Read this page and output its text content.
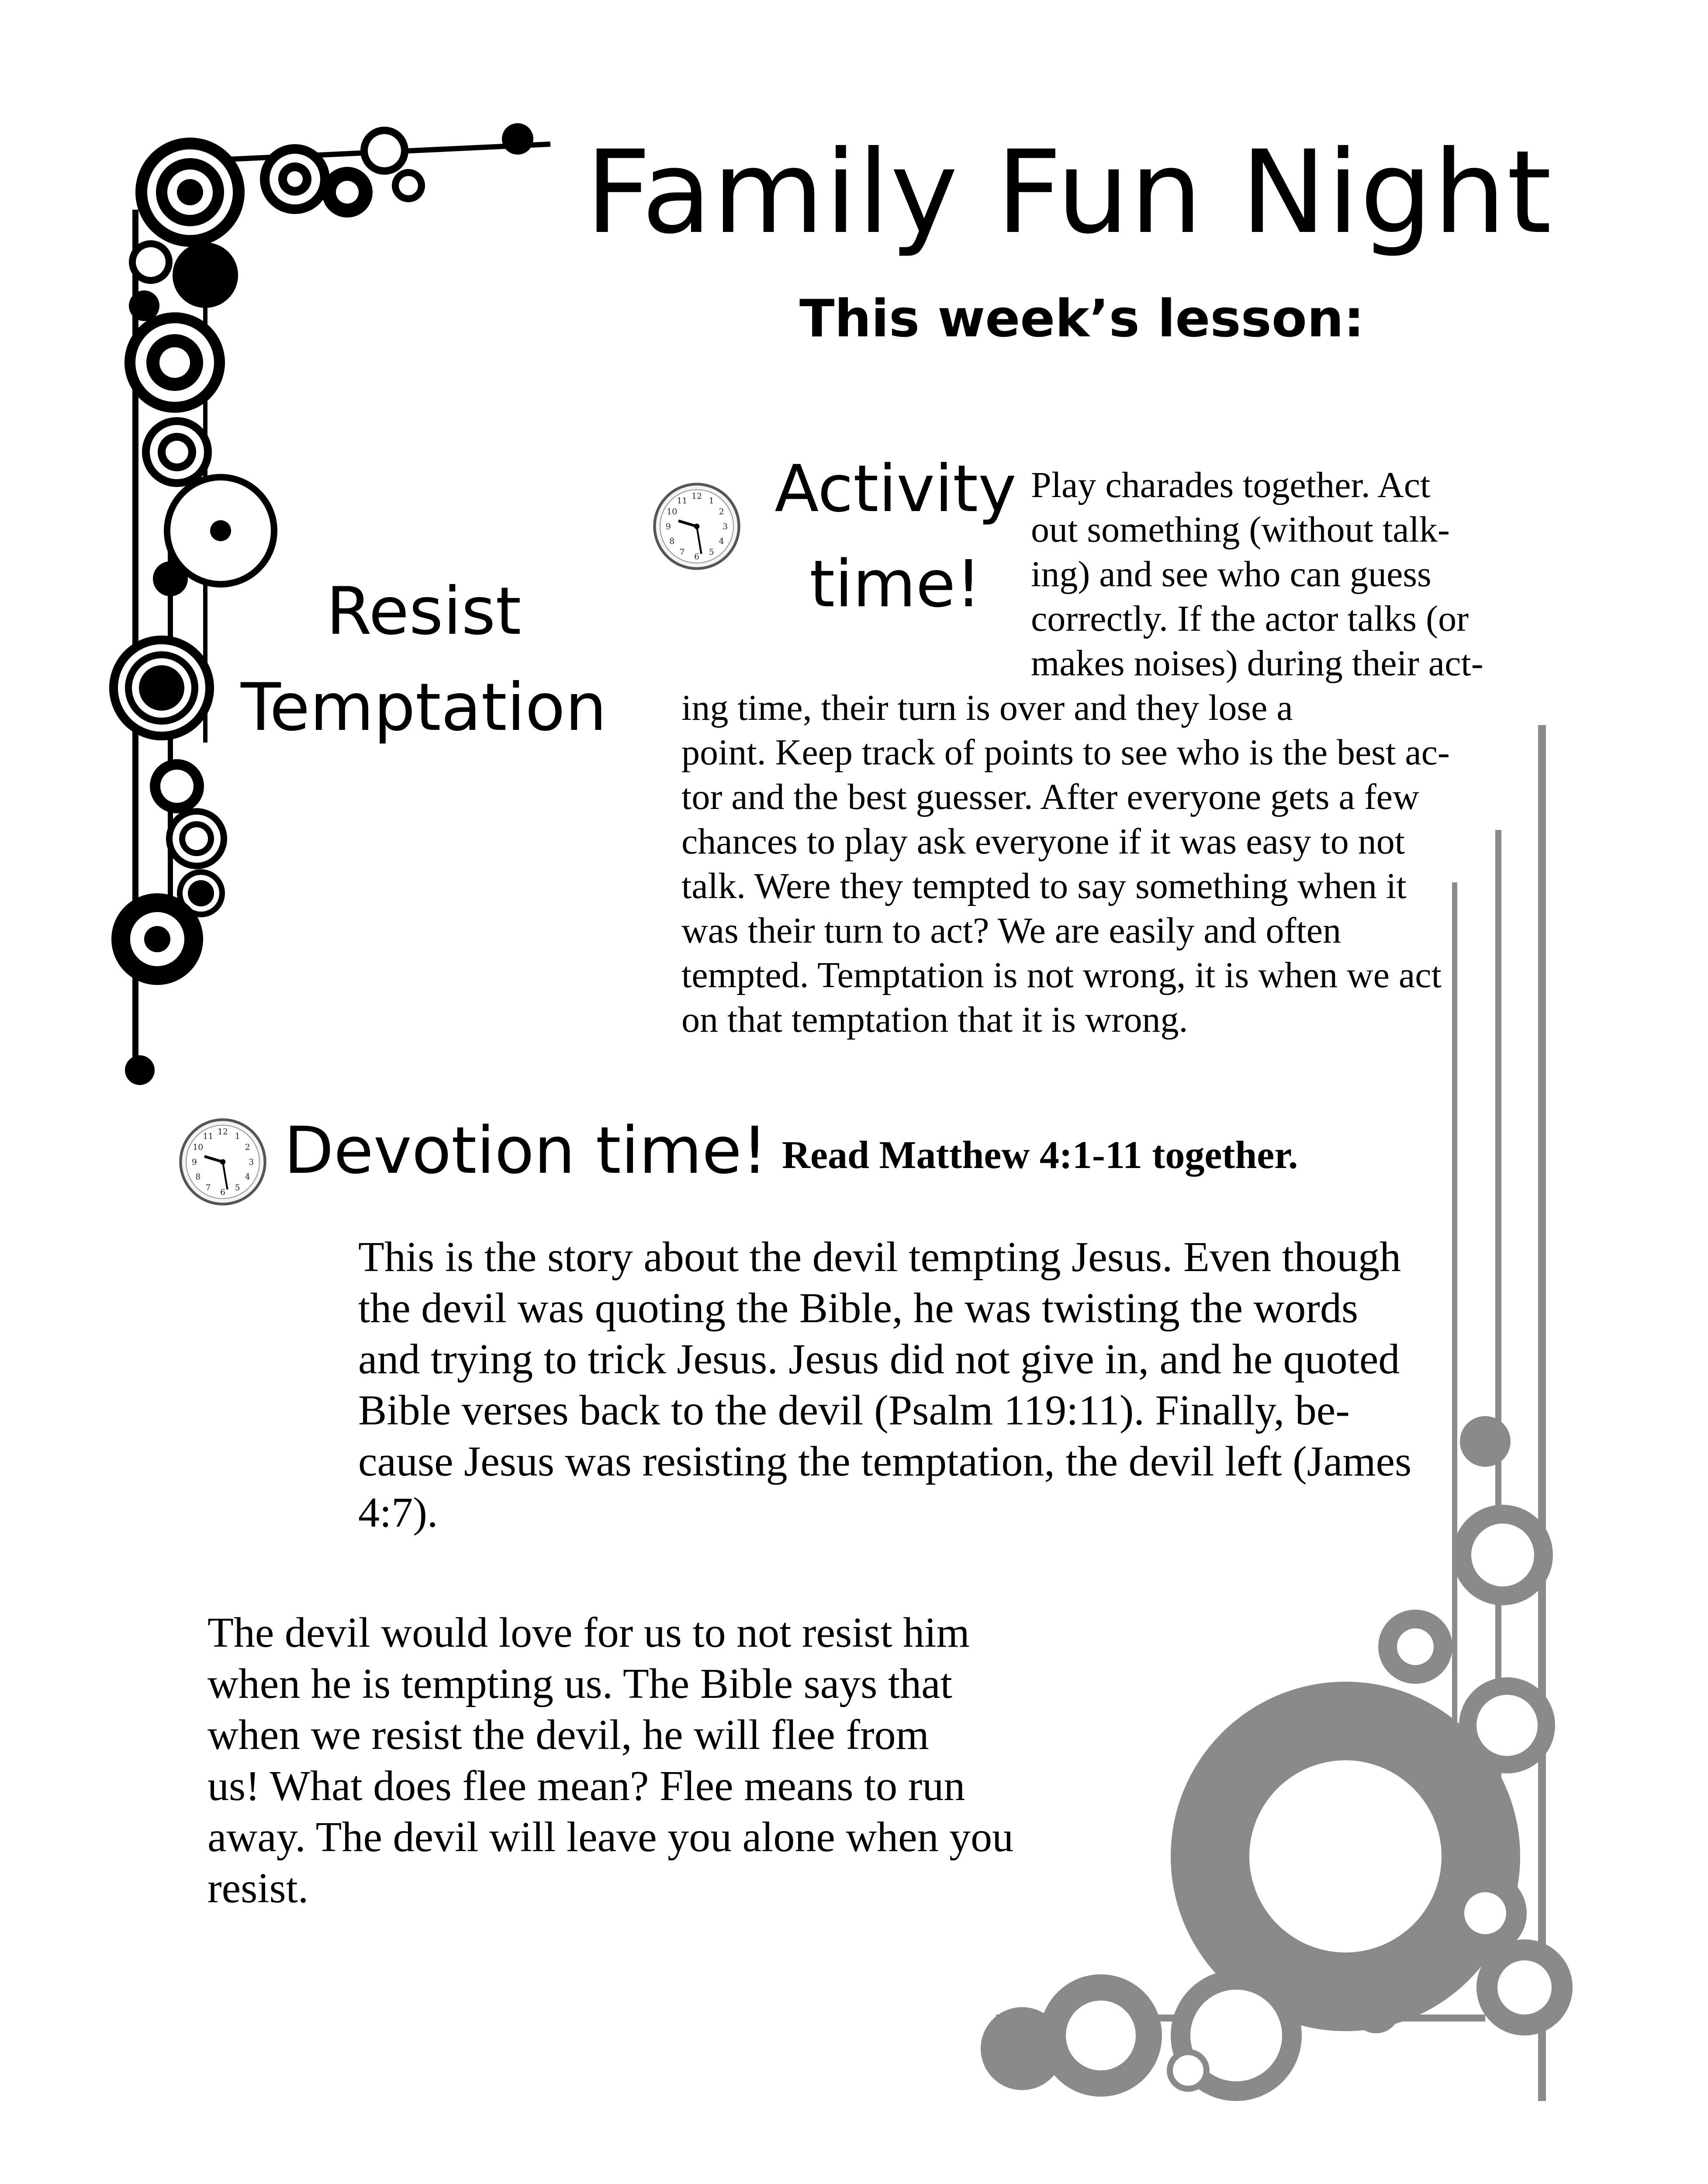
Family Fun Night
This week’s lesson:
Resist
Temptation
12 1
2
3
4
5
6
7
8
9
10
11	Activity
time!
Play charades together. Act
out something (without talk-
ing) and see who can guess
correctly. If the actor talks (or
makes noises) during their act-
ing time, their turn is over and they lose a
point. Keep track of points to see who is the best ac-
tor and the best guesser. After everyone gets a few
chances to play ask everyone if it was easy to not
talk. Were they tempted to say something when it
was their turn to act? We are easily and often
tempted. Temptation is not wrong, it is when we act
on that temptation that it is wrong.
12 1
2
3
4
5
6
7
8
9
10
11 Devotion time! Read Matthew 4:1-11 together.
This is the story about the devil tempting Jesus. Even though
the devil was quoting the Bible, he was twisting the words
and trying to trick Jesus. Jesus did not give in, and he quoted
Bible verses back to the devil (Psalm 119:11). Finally, be-
cause Jesus was resisting the temptation, the devil left (James
4:7).
The devil would love for us to not resist him
when he is tempting us. The Bible says that
when we resist the devil, he will flee from
us! What does flee mean? Flee means to run
away. The devil will leave you alone when you
resist.
